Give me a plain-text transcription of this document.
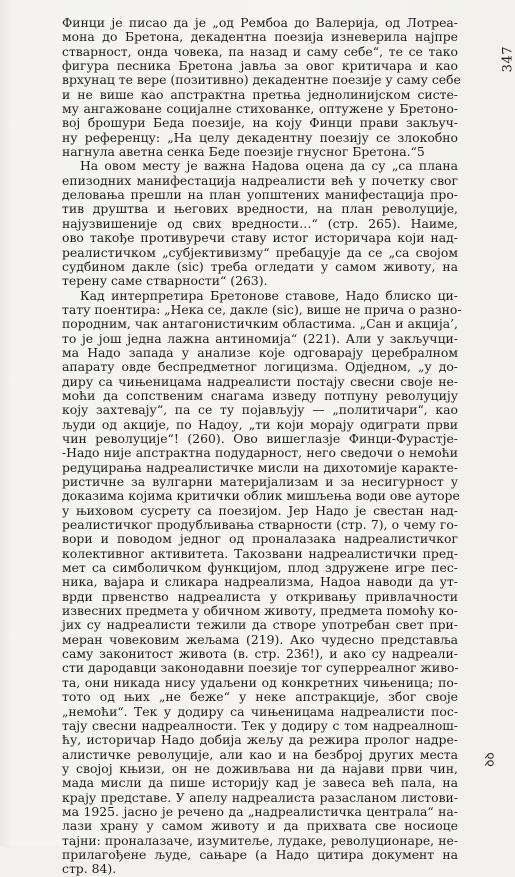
347
Финци је писао да је „од Рембоа до Валерија, од Лотреа-
мона до Бретона, декадентна поезија изневерила најпре
стварност, онда човека, па назад и саму себе“, те се тако
фигура песника Бретона јавља за овог критичара и као
врхунац те вере (позитивно) декадентне поезије у саму себе
и не више као апстрактна претња једнолинијском систе-
му ангажоване социјалне стихованке, оптужене у Бретоно-
вој брошури Беда поезије, на коју Финци прави закључ-
ну референцу: „На целу декадентну поезију се злокобно
нагнула аветна сенка Беде поезије гнусног Бретона.“5
На овом месту је важна Надова оцена да су „са плана
епизодних манифестација надреалисти већ у почетку свог
деловања прешли на план уопштених манифестација про-
тив друштва и његових вредности, на план револуције,
најузвишеније од свих вредности…“ (стр. 265). Наиме,
ово такође противуречи ставу истог историчара који над-
реалистичком „субјективизму“ пребацује да се „са својом
судбином дакле (sic) треба огледати у самом животу, на
терену саме стварности“ (263).
Кад интерпретира Бретонове ставове, Надо блиско ци-
тату поентира: „Нека се, дакле (sic), више не прича о разно-
породним, чак антагонистичким областима. „Сан и акција’,
то је још једна лажна антиномија“ (221). Али у закључци-
ма Надо запада у анализе које одговарају церебралном
апарату овде беспредметног логицизма. Одједном, „у до-
диру са чињеницама надреалисти постају свесни своје не-
моћи да сопственим снагама изведу потпуну револуцију
коју захтевају“, па се ту појављују — „политичари“, као
људи од акције, по Надоу, „ти који морају одиграти први
чин револуције“! (260). Ово вишеглазје Финци-Фурастје-
-Надо није апстрактна подударност, него сведочи о немоћи
редуцирања надреалистичке мисли на дихотомије каракте-
ристичне за вулгарни материјализам и за несигурност у
доказима којима критички облик мишљења води ове ауторе
у њиховом сусрету са поезијом. Јер Надо је свестан над-
реалистичког продубљивања стварности (стр. 7), о чему го-
вори и поводом једног од проналазака надреалистичког
колективног активитета. Такозвани надреалистички пред-
мет са симболичком функцијом, плод здружене игре пес-
ника, вајара и сликара надреализма, Надоа наводи да ут-
врди првенство надреалиста у откривању привлачности
извесних предмета у обичном животу, предмета помоћу ко-
јих су надреалисти тежили да створе употребан свет при-
меран човековим жељама (219). Ако чудесно представља
саму законитост живота (в. стр. 236!), и ако су надреали-
сти дародавци законодавни поезије тог суперреалног живо-
та, они никада нису удаљени од конкретних чињеница; по-
тото од њих „не беже“ у неке апстракције, због своје
„немоћи“. Тек у додиру са чињеницама надреалисти пос-
тају свесни надреалности. Тек у додиру с том надреалнош-
ћу, историчар Надо добија жељу да режира пролог надре-
алистичке револуције, али као и на безброј других места
у својој књизи, он не доживљава ни да најави први чин,
мада мисли да пише историју кад је завеса већ пала, на
крају представе. У апелу надреалиста разасланом листови-
ма 1925. јасно је речено да „надреалистичка централа“ на-
лази храну у самом животу и да прихвата све носиоце
тајни: проналазаче, изумитеље, лудаке, револуционаре, не-
прилагођене људе, сањаре (а Надо цитира документ на
стр. 84).
ꝺꝺ
